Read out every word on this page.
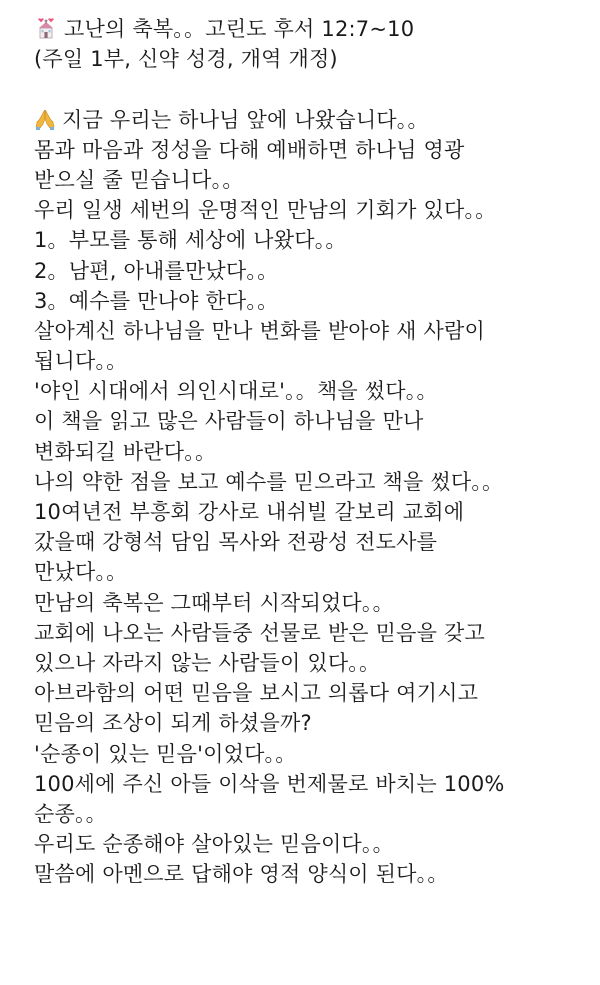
고난의 축복。。고린도 후서 12:7~10
(주일 1부, 신약 성경, 개역 개정)
지금 우리는 하나님 앞에 나왔습니다。。
몸과 마음과 정성을 다해 예배하면 하나님 영광
받으실 줄 믿습니다。。
우리 일생 세번의 운명적인 만남의 기회가 있다。。
1。부모를 통해 세상에 나왔다。。
2。남편, 아내를만났다。。
3。예수를 만나야 한다。。
살아계신 하나님을 만나 변화를 받아야 새 사람이
됩니다。。
'야인 시대에서 의인시대로'。。책을 썼다。。
이 책을 읽고 많은 사람들이 하나님을 만나
변화되길 바란다。。
나의 약한 점을 보고 예수를 믿으라고 책을 썼다。。
10여년전 부흥회 강사로 내쉬빌 갈보리 교회에
갔을때 강형석 담임 목사와 전광성 전도사를
만났다。。
만남의 축복은 그때부터 시작되었다。。
교회에 나오는 사람들중 선물로 받은 믿음을 갖고
있으나 자라지 않는 사람들이 있다。。
아브라함의 어떤 믿음을 보시고 의롭다 여기시고
믿음의 조상이 되게 하셨을까?
'순종이 있는 믿음'이었다。。
100세에 주신 아들 이삭을 번제물로 바치는 100%
순종。。
우리도 순종해야 살아있는 믿음이다。。
말씀에 아멘으로 답해야 영적 양식이 된다。。
